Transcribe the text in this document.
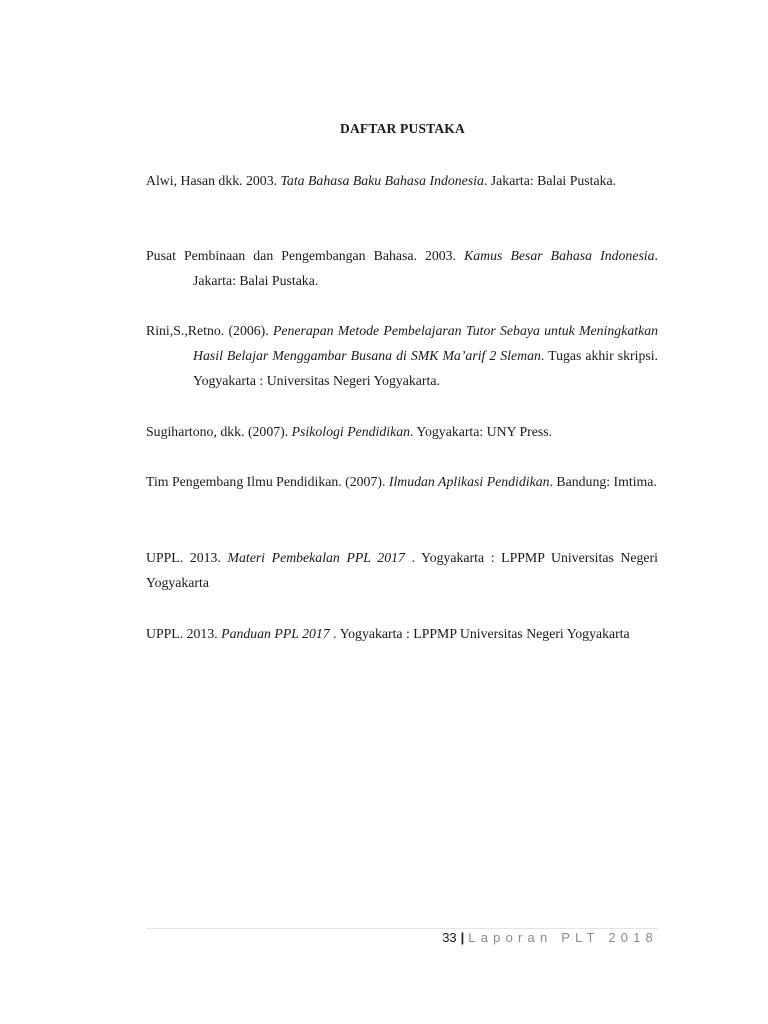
DAFTAR PUSTAKA

Alwi, Hasan dkk. 2003. Tata Bahasa Baku Bahasa Indonesia. Jakarta: Balai Pustaka.

Pusat Pembinaan dan Pengembangan Bahasa. 2003. Kamus Besar Bahasa Indonesia. Jakarta: Balai Pustaka.

Rini,S.,Retno. (2006). Penerapan Metode Pembelajaran Tutor Sebaya untuk Meningkatkan Hasil Belajar Menggambar Busana di SMK Ma’arif 2 Sleman. Tugas akhir skripsi. Yogyakarta : Universitas Negeri Yogyakarta.

Sugihartono, dkk. (2007). Psikologi Pendidikan. Yogyakarta: UNY Press.

Tim Pengembang Ilmu Pendidikan. (2007). Ilmudan Aplikasi Pendidikan. Bandung: Imtima.

UPPL. 2013. Materi Pembekalan PPL 2017 . Yogyakarta : LPPMP Universitas Negeri Yogyakarta

UPPL. 2013. Panduan PPL 2017 . Yogyakarta : LPPMP Universitas Negeri Yogyakarta

33 | Laporan PLT 2018
